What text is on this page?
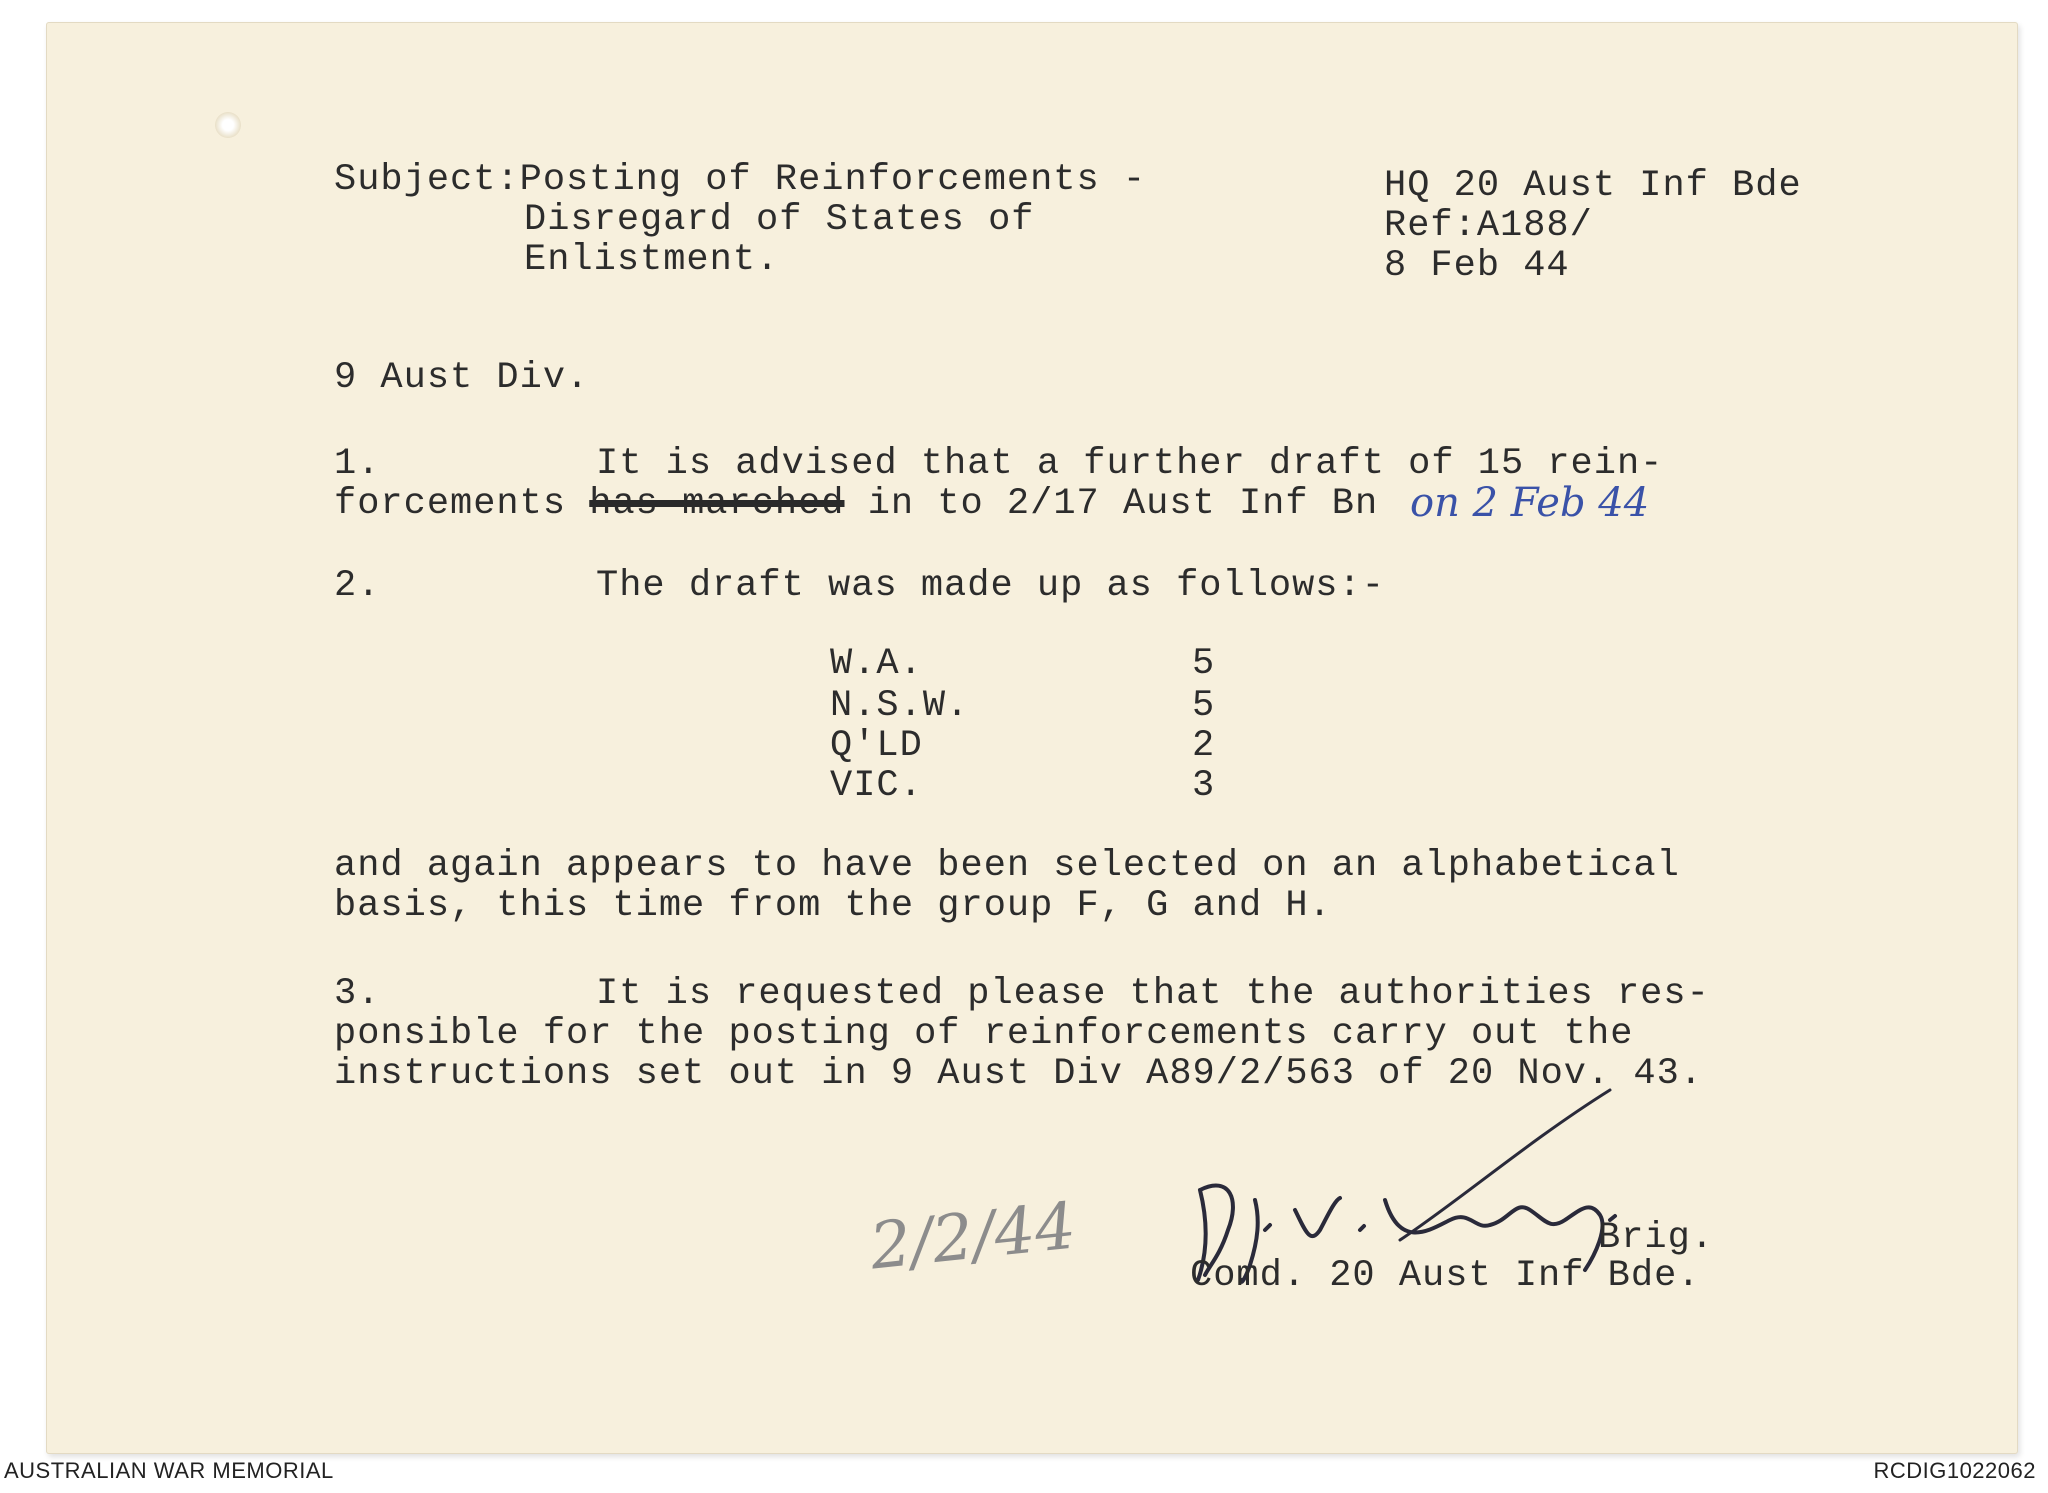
Subject:Posting of Reinforcements -
Disregard of States of
Enlistment.
HQ 20 Aust Inf Bde
Ref:A188/
8 Feb 44
9 Aust Div.
1.	It is advised that a further draft of 15 rein-
forcements has marched in to 2/17 Aust Inf Bn on 2 Feb 44
2.	The draft was made up as follows:-
W.A.	5
N.S.W.	5
Q'LD	2
VIC.	3
and again appears to have been selected on an alphabetical
basis, this time from the group F, G and H.
3.	It is requested please that the authorities res-
ponsible for the posting of reinforcements carry out the
instructions set out in 9 Aust Div A89/2/563 of 20 Nov. 43.
2/2/44	Brig.
Comd. 20 Aust Inf Bde.
AUSTRALIAN WAR MEMORIAL	RCDIG1022062
